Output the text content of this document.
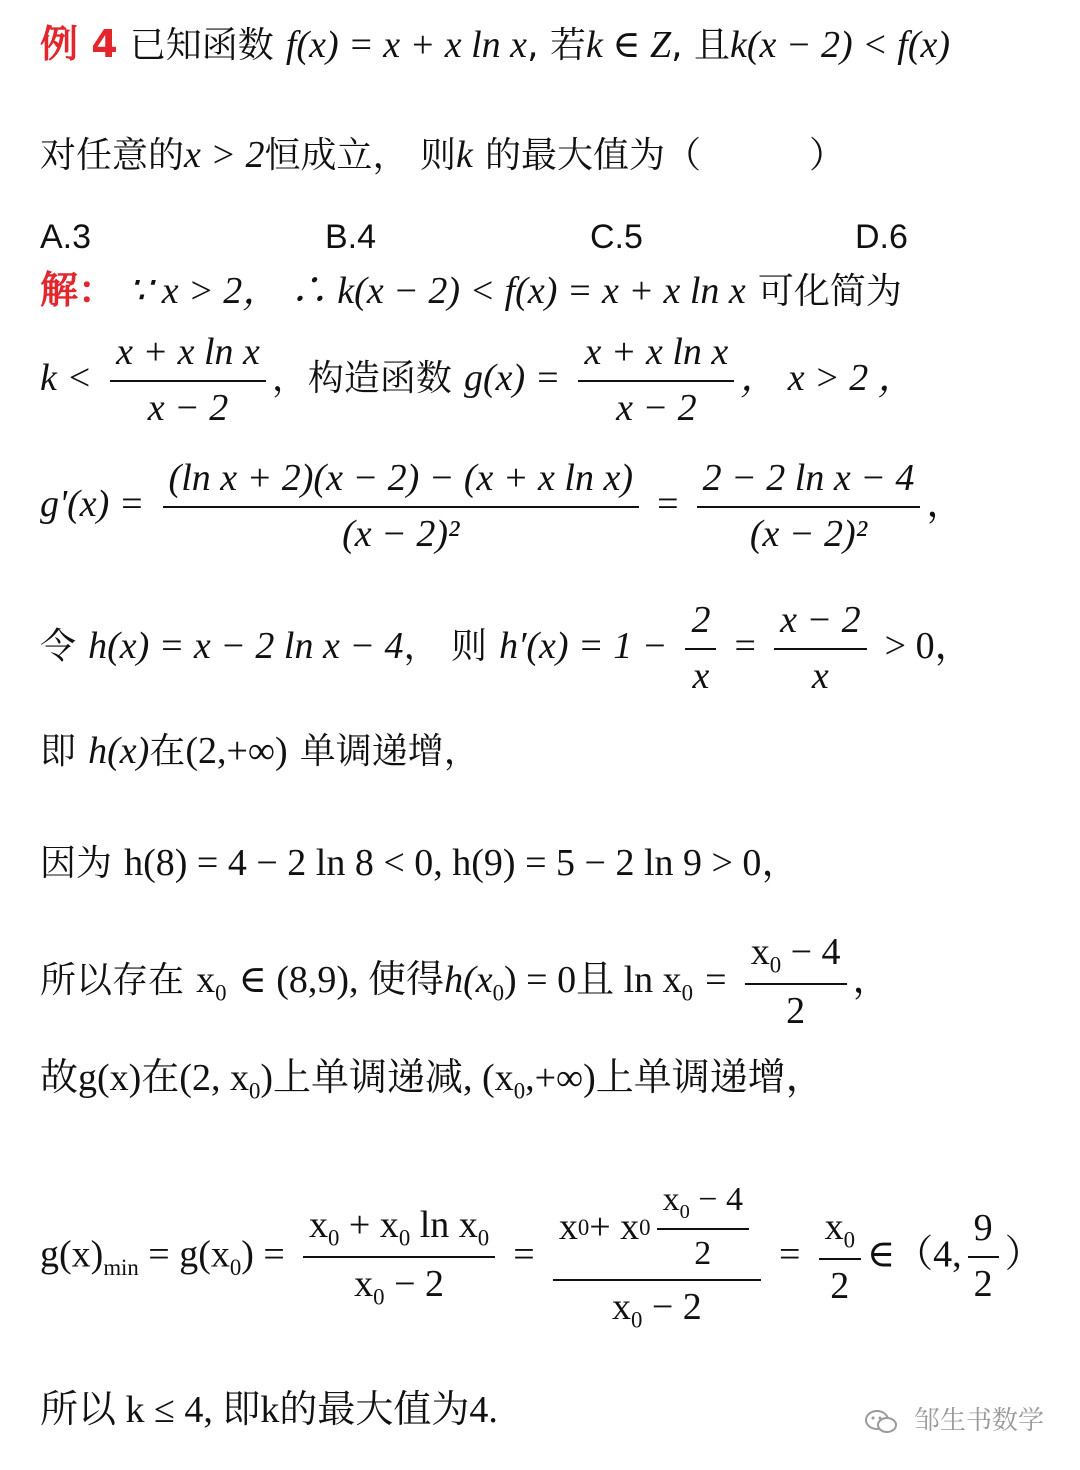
例 4 已知函数 f(x) = x + x ln x, 若k ∈ Z, 且k(x − 2) < f(x)
对任意的x > 2恒成立， 则k 的最大值为（　　　）
A.3	B.4	C.5	D.6
解： ∵ x > 2， ∴ k(x − 2) < f(x) = x + x ln x 可化简为
$k < \frac{\text{x + x ln x}}{x - 2}$ ，构造函数 $g(x) = \frac{\text{x + x ln x}}{x - 2}$ ， x > 2 ，
$g'(x) = \frac{\text{(ln x + 2)(x − 2) − (x + x ln x)}}{\text{(x − 2)²}} = \frac{\text{2 − 2 ln x − 4}}{\text{(x − 2)²}}$ ，
令 h(x) = x − 2 ln x − 4， 则 $h'(x) = 1 - \frac{2}{x} = \frac{x - 2}{x} > 0$，
即 h(x)在(2,+∞) 单调递增，
因为 h(8) = 4 − 2 ln 8 < 0, h(9) = 5 − 2 ln 9 > 0，
所以存在 $x_0$ ∈ (8,9), 使得$h(x_0) = 0$且 $\ln x_0 = \frac{x_0 - 4}{2}$ ，
故g(x)在(2, $x_0$)上单调递减, $(x_0,+\infty)$上单调递增，
$g(x)_{min} = g(x_0) = \frac{x_0 + x_0 \ln x_0}{x_0 - 2} = \frac{x 0 + x 0 \frac{x_0 - 4}{2}}{x_0 - 2} = \frac{x_0}{2}$ ∈（4, $\frac{9}{2}$ ）
所以 k ≤ 4, 即k的最大值为4.	邹生书数学
